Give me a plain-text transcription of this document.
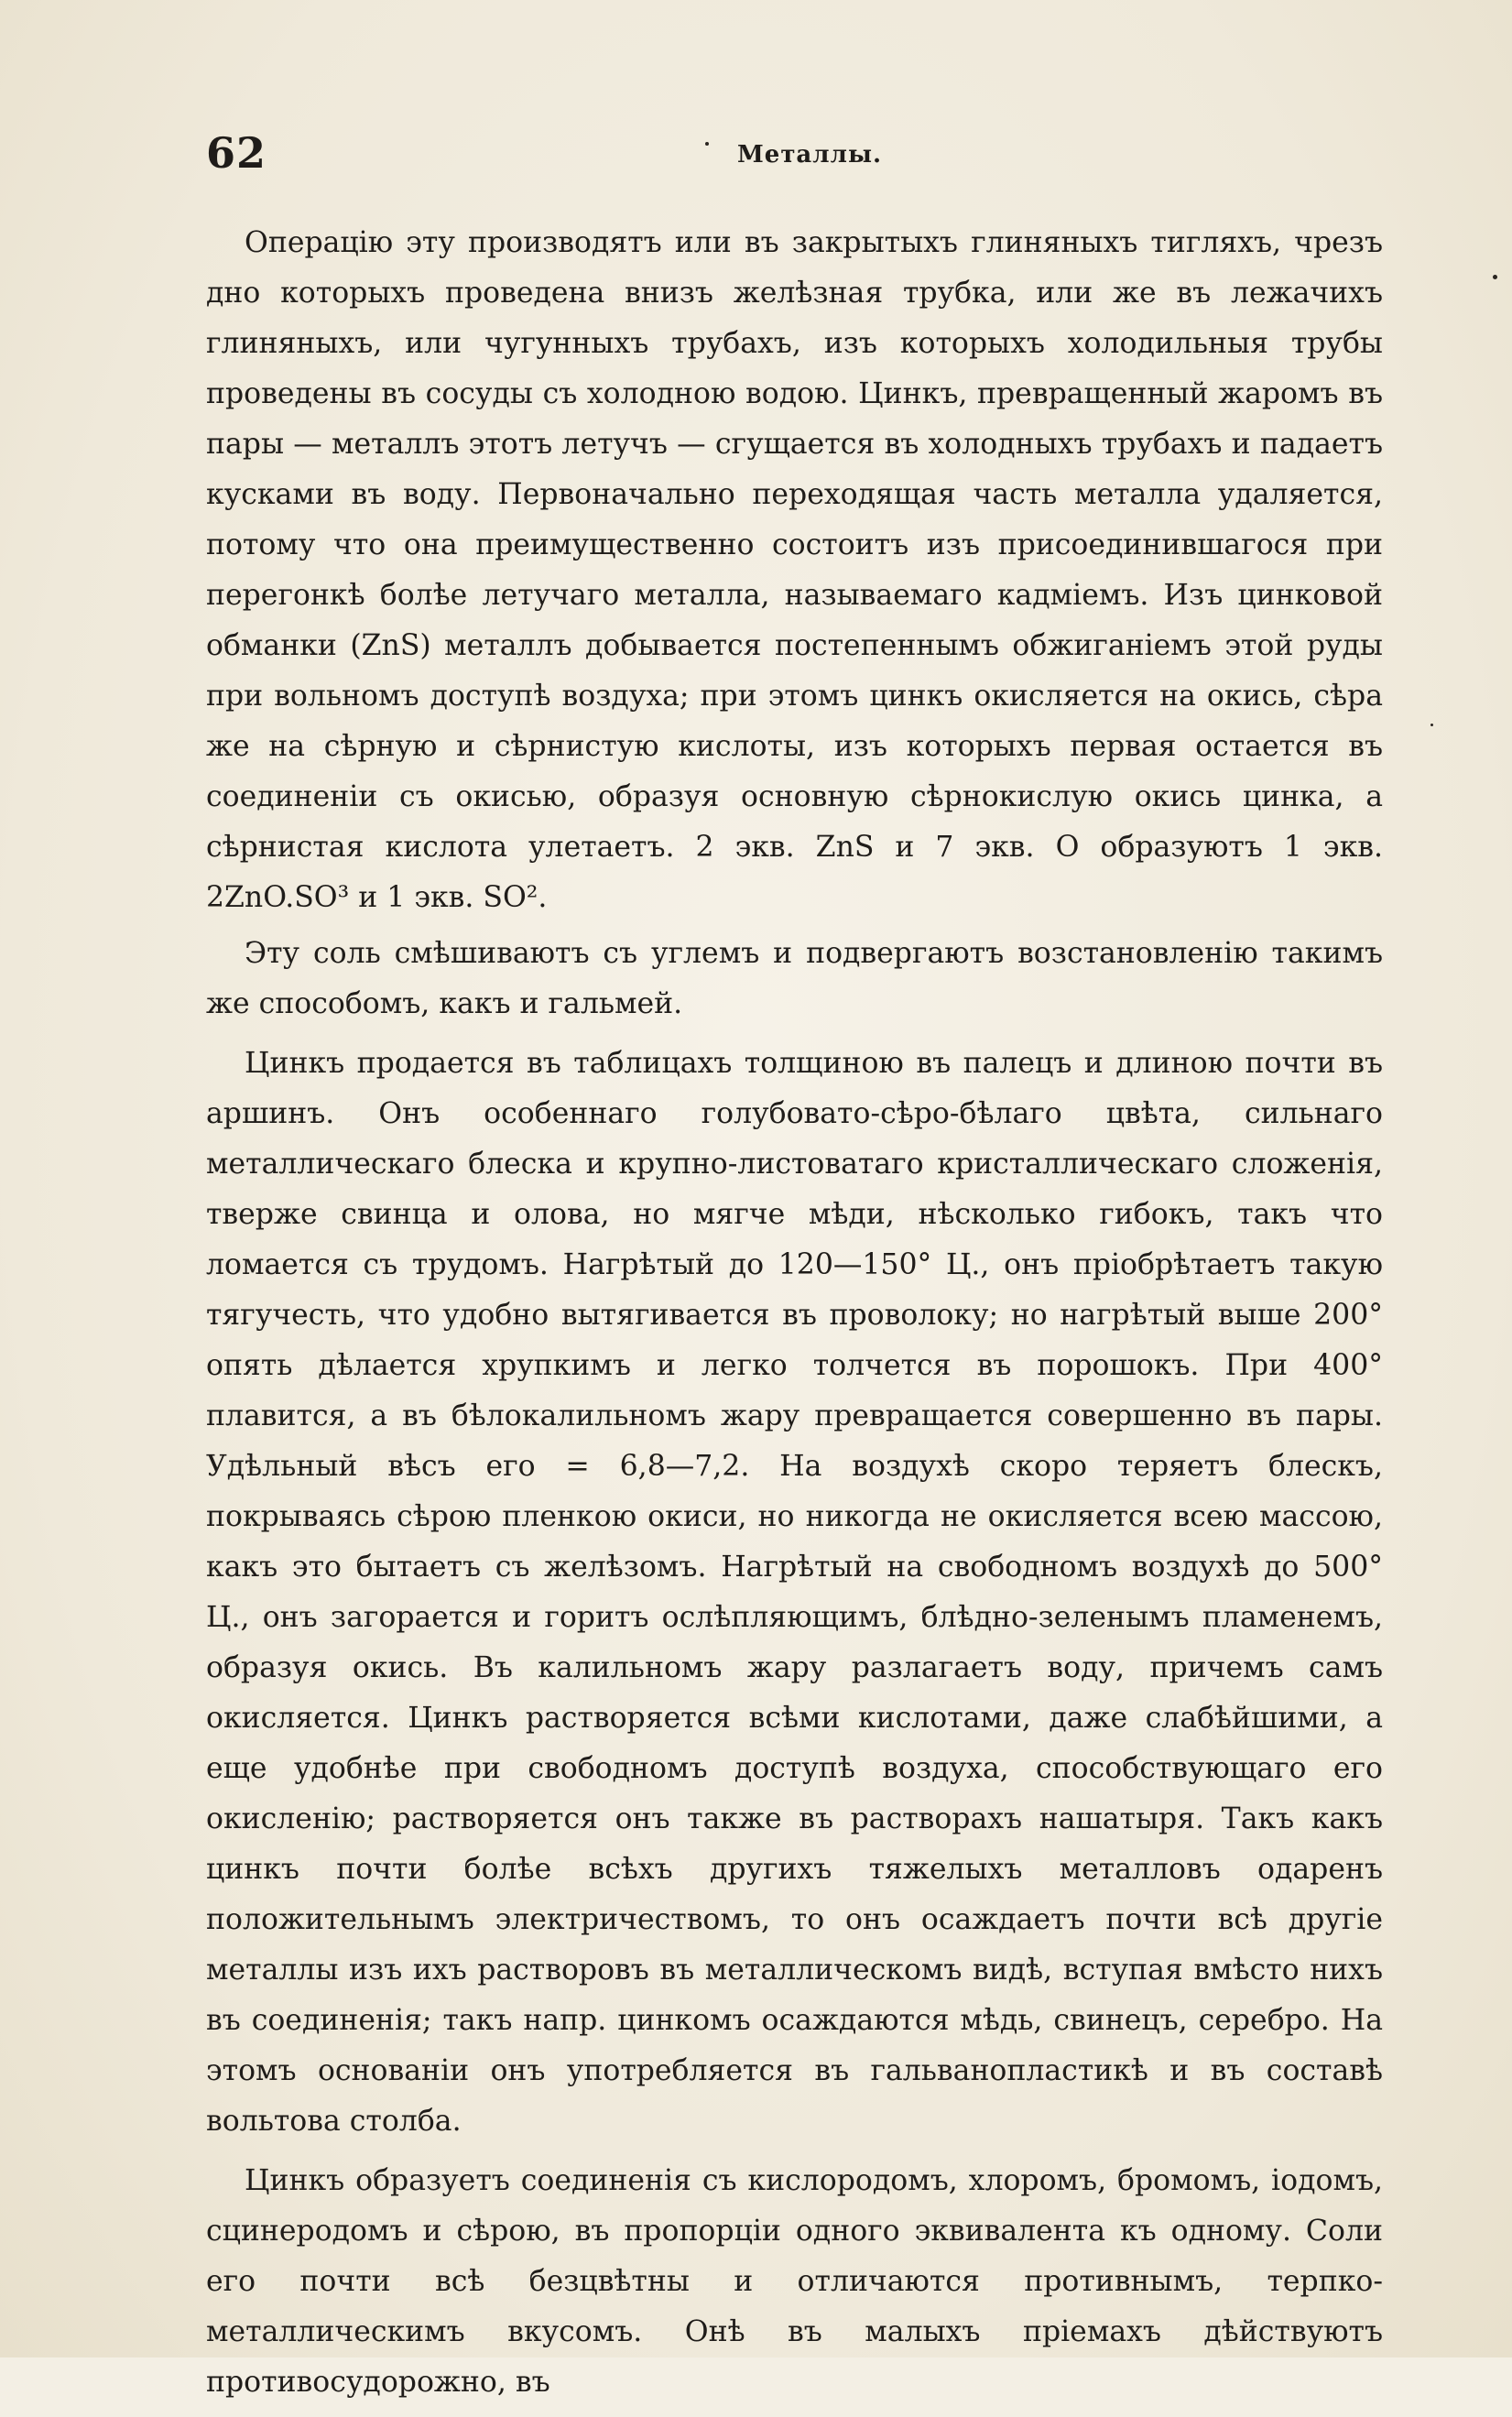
62	Металлы.

Операцію эту производятъ или въ закрытыхъ глиняныхъ тигляхъ, чрезъ дно которыхъ проведена внизъ желѣзная трубка, или же въ лежачихъ глиняныхъ, или чугунныхъ трубахъ, изъ которыхъ холодильныя трубы проведены въ сосуды съ холодною водою. Цинкъ, превращенный жаромъ въ пары — металлъ этотъ летучъ — сгущается въ холодныхъ трубахъ и падаетъ кусками въ воду. Первоначально переходящая часть металла удаляется, потому что она преимущественно состоитъ изъ присоединившагося при перегонкѣ болѣе летучаго металла, называемаго кадміемъ. Изъ цинковой обманки (ZnS) металлъ добывается постепеннымъ обжиганіемъ этой руды при вольномъ доступѣ воздуха; при этомъ цинкъ окисляется на окись, сѣра же на сѣрную и сѣрнистую кислоты, изъ которыхъ первая остается въ соединеніи съ окисью, образуя основную сѣрнокислую окись цинка, а сѣрнистая кислота улетаетъ. 2 экв. ZnS и 7 экв. O образуютъ 1 экв. 2ZnO.SO³ и 1 экв. SO².

Эту соль смѣшиваютъ съ углемъ и подвергаютъ возстановленію такимъ же способомъ, какъ и гальмей.

Цинкъ продается въ таблицахъ толщиною въ палецъ и длиною почти въ аршинъ. Онъ особеннаго голубовато-сѣро-бѣлаго цвѣта, сильнаго металлическаго блеска и крупно-листоватаго кристаллическаго сложенія, тверже свинца и олова, но мягче мѣди, нѣсколько гибокъ, такъ что ломается съ трудомъ. Нагрѣтый до 120—150° Ц., онъ пріобрѣтаетъ такую тягучесть, что удобно вытягивается въ проволоку; но нагрѣтый выше 200° опять дѣлается хрупкимъ и легко толчется въ порошокъ. При 400° плавится, а въ бѣлокалильномъ жару превращается совершенно въ пары. Удѣльный вѣсъ его = 6,8—7,2. На воздухѣ скоро теряетъ блескъ, покрываясь сѣрою пленкою окиси, но никогда не окисляется всею массою, какъ это бытаетъ съ желѣзомъ. Нагрѣтый на свободномъ воздухѣ до 500° Ц., онъ загорается и горитъ ослѣпляющимъ, блѣдно-зеленымъ пламенемъ, образуя окись. Въ калильномъ жару разлагаетъ воду, причемъ самъ окисляется. Цинкъ растворяется всѣми кислотами, даже слабѣйшими, а еще удобнѣе при свободномъ доступѣ воздуха, способствующаго его окисленію; растворяется онъ также въ растворахъ нашатыря. Такъ какъ цинкъ почти болѣе всѣхъ другихъ тяжелыхъ металловъ одаренъ положительнымъ электричествомъ, то онъ осаждаетъ почти всѣ другіе металлы изъ ихъ растворовъ въ металлическомъ видѣ, вступая вмѣсто нихъ въ соединенія; такъ напр. цинкомъ осаждаются мѣдь, свинецъ, серебро. На этомъ основаніи онъ употребляется въ гальванопластикѣ и въ составѣ вольтова столба.

Цинкъ образуетъ соединенія съ кислородомъ, хлоромъ, бромомъ, іодомъ, сцинеродомъ и сѣрою, въ пропорціи одного эквивалента къ одному. Соли его почти всѣ безцвѣтны и отличаются противнымъ, терпко-металлическимъ вкусомъ. Онѣ въ малыхъ пріемахъ дѣйствуютъ противосудорожно, въ
